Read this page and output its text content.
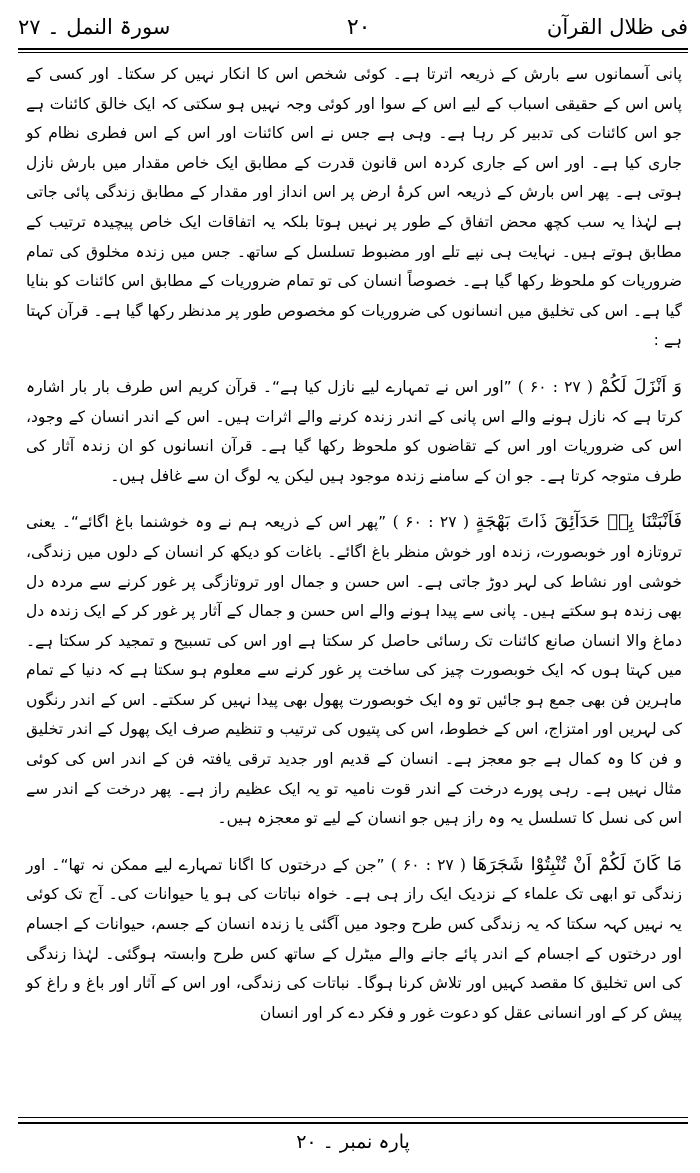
سورۃ النمل ۔ ۲۷	۲۰	فی ظلال القرآن

پانی آسمانوں سے بارش کے ذریعہ اترتا ہے۔ کوئی شخص اس کا انکار نہیں کر سکتا۔ اور کسی کے پاس اس کے حقیقی اسباب کے لیے اس کے سوا اور کوئی وجہ نہیں ہو سکتی کہ ایک خالق کائنات ہے جو اس کائنات کی تدبیر کر رہا ہے۔ وہی ہے جس نے اس کائنات اور اس کے اس فطری نظام کو جاری کیا ہے۔ اور اس کے جاری کردہ اس قانون قدرت کے مطابق ایک خاص مقدار میں بارش نازل ہوتی ہے۔ پھر اس بارش کے ذریعہ اس کرۂ ارض پر اس انداز اور مقدار کے مطابق زندگی پائی جاتی ہے لہٰذا یہ سب کچھ محض اتفاق کے طور پر نہیں ہوتا بلکہ یہ اتفاقات ایک خاص پیچیدہ ترتیب کے مطابق ہوتے ہیں۔ نہایت ہی نپے تلے اور مضبوط تسلسل کے ساتھ۔ جس میں زندہ مخلوق کی تمام ضروریات کو ملحوظ رکھا گیا ہے۔ خصوصاً انسان کی تو تمام ضروریات کے مطابق اس کائنات کو بنایا گیا ہے۔ اس کی تخلیق میں انسانوں کی ضروریات کو مخصوص طور پر مدنظر رکھا گیا ہے۔ قرآن کہتا ہے :

وَ اَنْزَلَ لَكُمْ ( ۲۷ : ۶۰ ) ”اور اس نے تمہارے لیے نازل کیا ہے“۔ قرآن کریم اس طرف بار بار اشارہ کرتا ہے کہ نازل ہونے والے اس پانی کے اندر زندہ کرنے والے اثرات ہیں۔ اس کے اندر انسان کے وجود، اس کی ضروریات اور اس کے تقاضوں کو ملحوظ رکھا گیا ہے۔ قرآن انسانوں کو ان زندہ آثار کی طرف متوجہ کرتا ہے۔ جو ان کے سامنے زندہ موجود ہیں لیکن یہ لوگ ان سے غافل ہیں۔

فَاَنْبَتْنَا بِهٖ حَدَآئِقَ ذَاتَ بَهْجَةٍ ( ۲۷ : ۶۰ ) ”پھر اس کے ذریعہ ہم نے وہ خوشنما باغ اگائے“۔ یعنی تروتازہ اور خوبصورت، زندہ اور خوش منظر باغ اگائے۔ باغات کو دیکھ کر انسان کے دلوں میں زندگی، خوشی اور نشاط کی لہر دوڑ جاتی ہے۔ اس حسن و جمال اور تروتازگی پر غور کرنے سے مردہ دل بھی زندہ ہو سکتے ہیں۔ پانی سے پیدا ہونے والے اس حسن و جمال کے آثار پر غور کر کے ایک زندہ دل دماغ والا انسان صانع کائنات تک رسائی حاصل کر سکتا ہے اور اس کی تسبیح و تمجید کر سکتا ہے۔ میں کہتا ہوں کہ ایک خوبصورت چیز کی ساخت پر غور کرنے سے معلوم ہو سکتا ہے کہ دنیا کے تمام ماہرین فن بھی جمع ہو جائیں تو وہ ایک خوبصورت پھول بھی پیدا نہیں کر سکتے۔ اس کے اندر رنگوں کی لہریں اور امتزاج، اس کے خطوط، اس کی پتیوں کی ترتیب و تنظیم صرف ایک پھول کے اندر تخلیق و فن کا وہ کمال ہے جو معجز ہے۔ انسان کے قدیم اور جدید ترقی یافتہ فن کے اندر اس کی کوئی مثال نہیں ہے۔ رہی پورے درخت کے اندر قوت نامیہ تو یہ ایک عظیم راز ہے۔ پھر درخت کے اندر سے اس کی نسل کا تسلسل یہ وہ راز ہیں جو انسان کے لیے تو معجزہ ہیں۔

مَا كَانَ لَكُمْ اَنْ تُنْبِتُوْا شَجَرَهَا ( ۲۷ : ۶۰ ) ”جن کے درختوں کا اگانا تمہارے لیے ممکن نہ تھا“۔ اور زندگی تو ابھی تک علماء کے نزدیک ایک راز ہی ہے۔ خواہ نباتات کی ہو یا حیوانات کی۔ آج تک کوئی یہ نہیں کہہ سکتا کہ یہ زندگی کس طرح وجود میں آگئی یا زندہ انسان کے جسم، حیوانات کے اجسام اور درختوں کے اجسام کے اندر پائے جانے والے میٹرل کے ساتھ کس طرح وابستہ ہوگئی۔ لہٰذا زندگی کی اس تخلیق کا مقصد کہیں اور تلاش کرنا ہوگا۔ نباتات کی زندگی، اور اس کے آثار اور باغ و راغ کو پیش کر کے اور انسانی عقل کو دعوت غور و فکر دے کر اور انسان

پارہ نمبر ۔ ۲۰
